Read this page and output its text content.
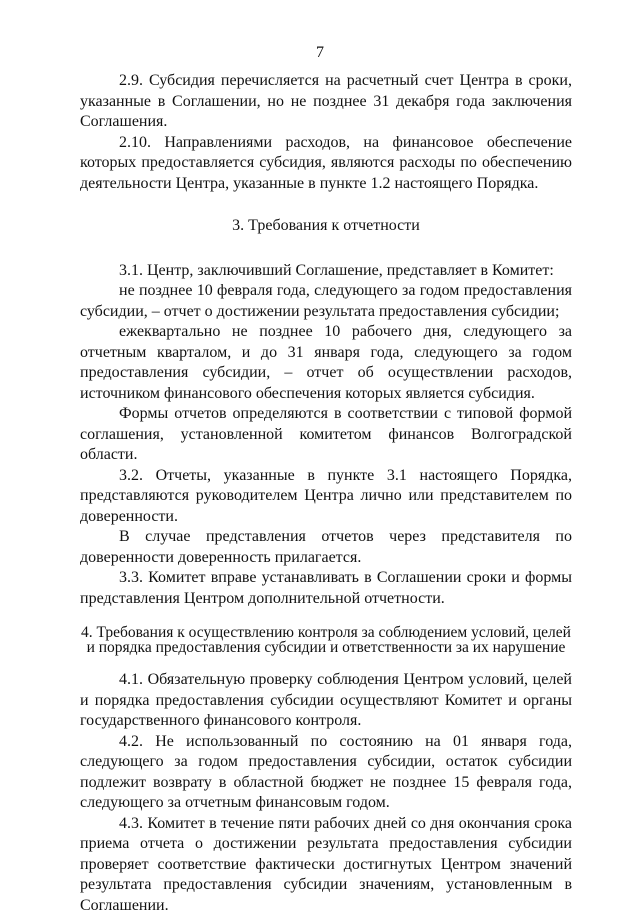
7

2.9. Субсидия перечисляется на расчетный счет Центра в сроки, указанные в Соглашении, но не позднее 31 декабря года заключения Соглашения.

2.10. Направлениями расходов, на финансовое обеспечение которых предоставляется субсидия, являются расходы по обеспечению деятельности Центра, указанные в пункте 1.2 настоящего Порядка.

3. Требования к отчетности

3.1. Центр, заключивший Соглашение, представляет в Комитет:

не позднее 10 февраля года, следующего за годом предоставления субсидии, – отчет о достижении результата предоставления субсидии;

ежеквартально не позднее 10 рабочего дня, следующего за отчетным кварталом, и до 31 января года, следующего за годом предоставления субсидии, – отчет об осуществлении расходов, источником финансового обеспечения которых является субсидия.

Формы отчетов определяются в соответствии с типовой формой соглашения, установленной комитетом финансов Волгоградской области.

3.2. Отчеты, указанные в пункте 3.1 настоящего Порядка, представляются руководителем Центра лично или представителем по доверенности.

В случае представления отчетов через представителя по доверенности доверенность прилагается.

3.3. Комитет вправе устанавливать в Соглашении сроки и формы представления Центром дополнительной отчетности.

4. Требования к осуществлению контроля за соблюдением условий, целей и порядка предоставления субсидии и ответственности за их нарушение

4.1. Обязательную проверку соблюдения Центром условий, целей и порядка предоставления субсидии осуществляют Комитет и органы государственного финансового контроля.

4.2. Не использованный по состоянию на 01 января года, следующего за годом предоставления субсидии, остаток субсидии подлежит возврату в областной бюджет не позднее 15 февраля года, следующего за отчетным финансовым годом.

4.3. Комитет в течение пяти рабочих дней со дня окончания срока приема отчета о достижении результата предоставления субсидии проверяет соответствие фактически достигнутых Центром значений результата предоставления субсидии значениям, установленным в Соглашении.
